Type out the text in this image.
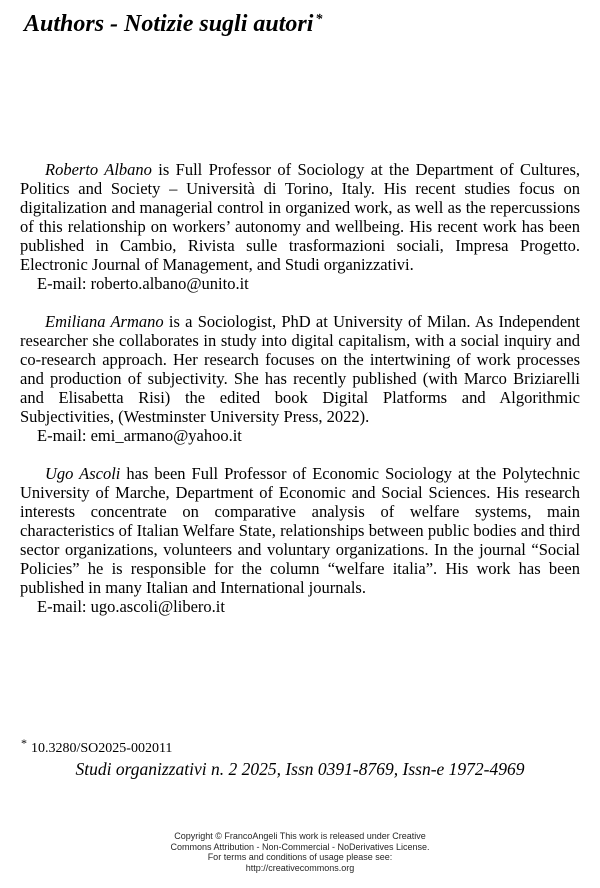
Authors - Notizie sugli autori *

Roberto Albano is Full Professor of Sociology at the Department of Cultures, Politics and Society – Università di Torino, Italy. His recent studies focus on digitalization and managerial control in organized work, as well as the repercussions of this relationship on workers’ autonomy and wellbeing. His recent work has been published in Cambio, Rivista sulle trasformazioni sociali, Impresa Progetto. Electronic Journal of Management, and Studi organizzativi.

E-mail: roberto.albano@unito.it

Emiliana Armano is a Sociologist, PhD at University of Milan. As Independent researcher she collaborates in study into digital capitalism, with a social inquiry and co-research approach. Her research focuses on the intertwining of work processes and production of subjectivity. She has recently published (with Marco Briziarelli and Elisabetta Risi) the edited book Digital Platforms and Algorithmic Subjectivities, (Westminster University Press, 2022).

E-mail: emi_armano@yahoo.it

Ugo Ascoli has been Full Professor of Economic Sociology at the Polytechnic University of Marche, Department of Economic and Social Sciences. His research interests concentrate on comparative analysis of welfare systems, main characteristics of Italian Welfare State, relationships between public bodies and third sector organizations, volunteers and voluntary organizations. In the journal “Social Policies” he is responsible for the column “welfare italia”. His work has been published in many Italian and International journals.

E-mail: ugo.ascoli@libero.it

* 10.3280/SO2025-002011

Studi organizzativi n. 2 2025, Issn 0391-8769, Issn-e 1972-4969

Copyright © FrancoAngeli This work is released under Creative
Commons Attribution - Non-Commercial - NoDerivatives License.
For terms and conditions of usage please see:
http://creativecommons.org
